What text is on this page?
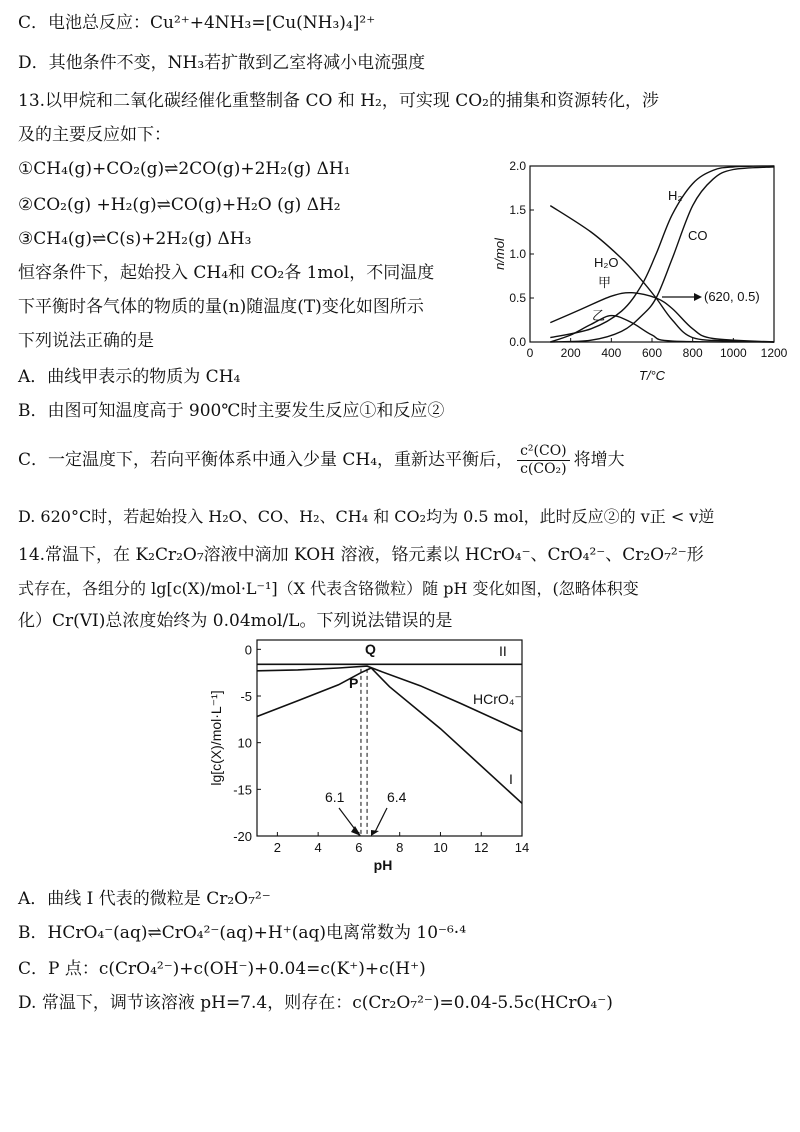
C．电池总反应：Cu²⁺+4NH₃=[Cu(NH₃)₄]²⁺
D．其他条件不变，NH₃若扩散到乙室将减小电流强度
13.以甲烷和二氧化碳经催化重整制备 CO 和 H₂，可实现 CO₂的捕集和资源转化，涉
及的主要反应如下：
①CH₄(g)+CO₂(g)⇌2CO(g)+2H₂(g) ΔH₁
②CO₂(g) +H₂(g)⇌CO(g)+H₂O (g) ΔH₂
③CH₄(g)⇌C(s)+2H₂(g) ΔH₃
恒容条件下，起始投入 CH₄和 CO₂各 1mol，不同温度
下平衡时各气体的物质的量(n)随温度(T)变化如图所示
下列说法正确的是
A．曲线甲表示的物质为 CH₄
B．由图可知温度高于 900℃时主要发生反应①和反应②
C．一定温度下，若向平衡体系中通入少量 CH₄，重新达平衡后， $\frac{\text{c²(CO)}}{\text{c(CO₂)}}$ 将增大
D. 620°C时，若起始投入 H₂O、CO、H₂、CH₄ 和 CO₂均为 0.5 mol，此时反应②的 v正 < v逆
14.常温下，在 K₂Cr₂O₇溶液中滴加 KOH 溶液，铬元素以 HCrO₄⁻、CrO₄²⁻、Cr₂O₇²⁻形
式存在，各组分的 lg[c(X)/mol·L⁻¹]（X 代表含铬微粒）随 pH 变化如图，(忽略体积变
化）Cr(VI)总浓度始终为 0.04mol/L。下列说法错误的是
0 200 400 600 800 1000 1200
0.0
0.5
1.0
1.5
2.0
n/mol
T/°C
H₂
CO
H₂O
甲
乙
(620, 0.5)
2	4	6	8 10 12 14
0
-5
10
-15
-20
lg[c(X)/mol·L⁻¹]
pH
II
HCrO₄⁻
I
Q
P
6.1	6.4
A．曲线 I 代表的微粒是 Cr₂O₇²⁻
B．HCrO₄⁻(aq)⇌CrO₄²⁻(aq)+H⁺(aq)电离常数为 10⁻⁶·⁴
C．P 点：c(CrO₄²⁻)+c(OH⁻)+0.04=c(K⁺)+c(H⁺)
D. 常温下，调节该溶液 pH=7.4，则存在：c(Cr₂O₇²⁻)=0.04-5.5c(HCrO₄⁻)
